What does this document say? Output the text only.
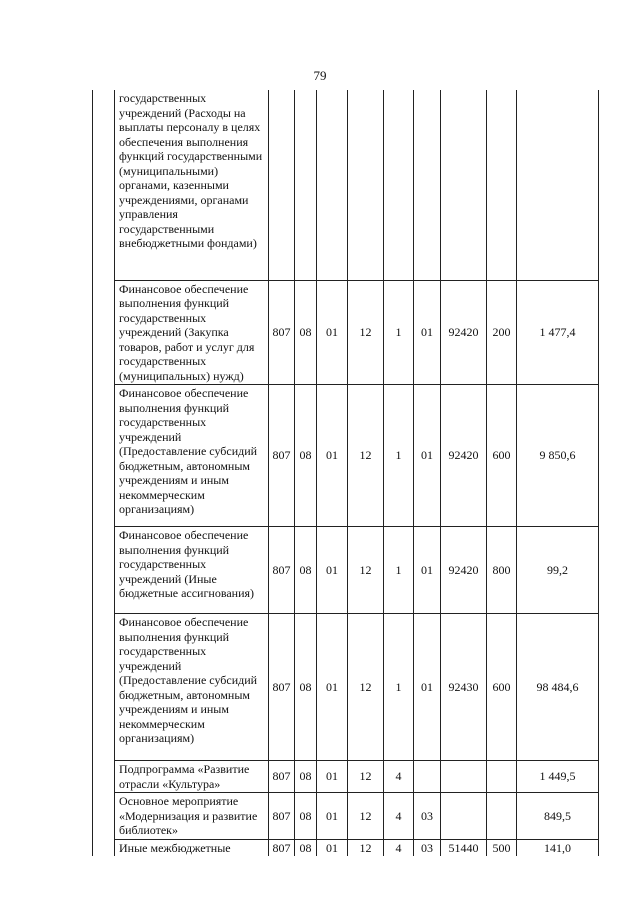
79
	государственных учреждений (Расходы на выплаты персоналу в целях обеспечения выполнения функций государственными (муниципальными) органами, казенными учреждениями, органами управления государственными внебюджетными фондами)									
	Финансовое обеспечение выполнения функций государственных учреждений (Закупка товаров, работ и услуг для государственных (муниципальных) нужд)	807	08	01	12	1	01	92420	200	1 477,4
	Финансовое обеспечение выполнения функций государственных учреждений (Предоставление субсидий бюджетным, автономным учреждениям и иным некоммерческим организациям)	807	08	01	12	1	01	92420	600	9 850,6
	Финансовое обеспечение выполнения функций государственных учреждений (Иные бюджетные ассигнования)	807	08	01	12	1	01	92420	800	99,2
	Финансовое обеспечение выполнения функций государственных учреждений (Предоставление субсидий бюджетным, автономным учреждениям и иным некоммерческим организациям)	807	08	01	12	1	01	92430	600	98 484,6
	Подпрограмма «Развитие отрасли «Культура»	807	08	01	12	4				1 449,5
	Основное мероприятие «Модернизация и развитие библиотек»	807	08	01	12	4	03			849,5
	Иные межбюджетные	807	08	01	12	4	03	51440	500	141,0
